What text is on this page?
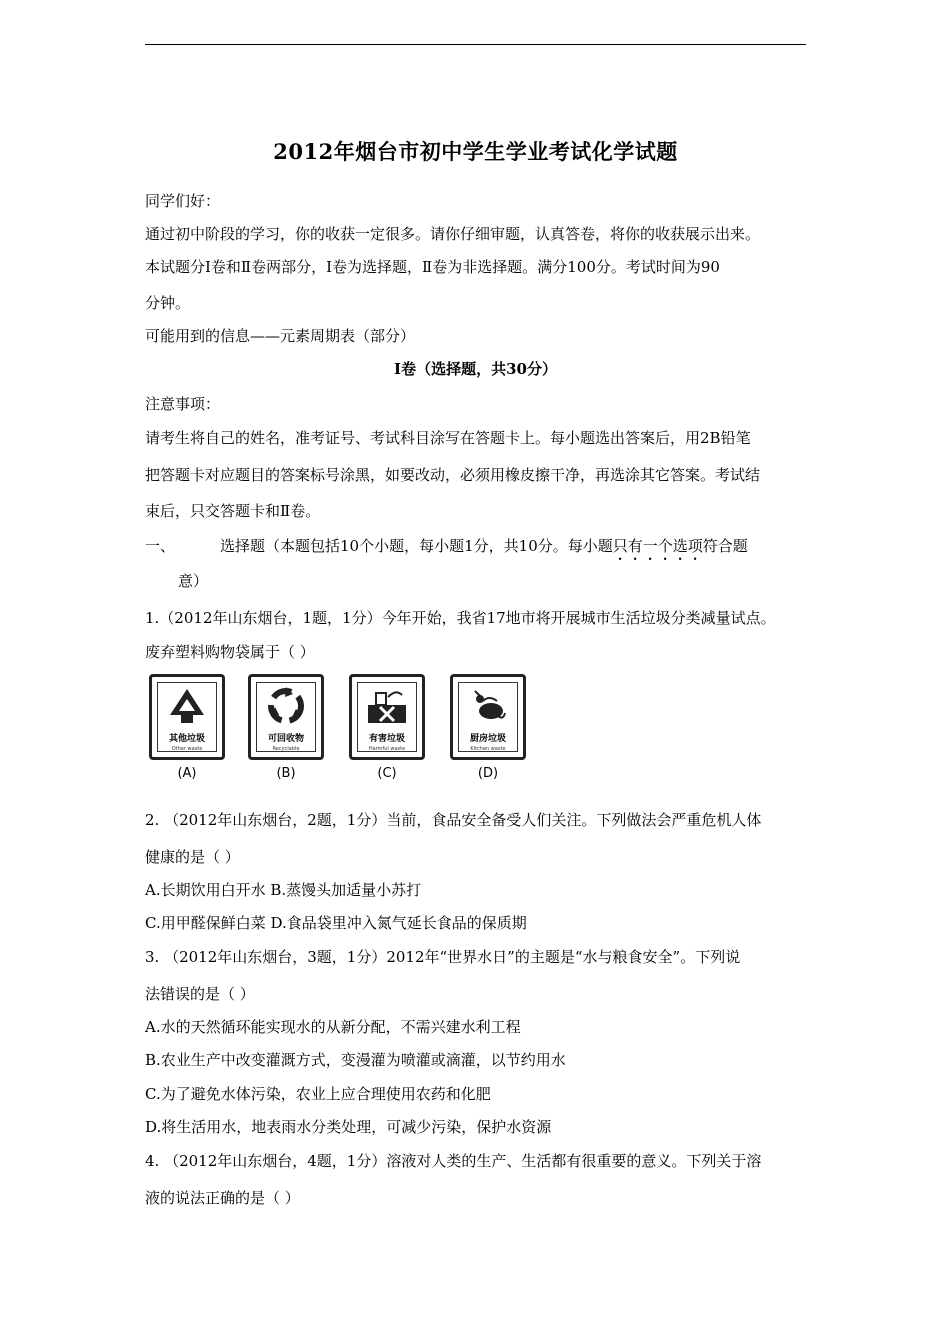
2012年烟台市初中学生学业考试化学试题
同学们好：
通过初中阶段的学习，你的收获一定很多。请你仔细审题，认真答卷，将你的收获展示出来。
本试题分Ⅰ卷和Ⅱ卷两部分，Ⅰ卷为选择题，Ⅱ卷为非选择题。满分100分。考试时间为90
分钟。
可能用到的信息——元素周期表（部分）
Ⅰ卷（选择题，共30分）
注意事项：
请考生将自己的姓名，准考证号、考试科目涂写在答题卡上。每小题选出答案后，用2B铅笔
把答题卡对应题目的答案标号涂黑，如要改动，必须用橡皮擦干净，再选涂其它答案。考试结
束后，只交答题卡和Ⅱ卷。
一、	选择题（本题包括10个小题，每小题1分，共10分。每小题只有一个选项符合题
意）
1.（2012年山东烟台，1题，1分）今年开始，我省17地市将开展城市生活垃圾分类减量试点。
废弃塑料购物袋属于（ ）
其他垃圾
Other waste
(A)
可回收物
Recyclable
(B)
有害垃圾
Harmful waste
(C)
厨房垃圾
Kitchen waste
(D)
2. （2012年山东烟台，2题，1分）当前，食品安全备受人们关注。下列做法会严重危机人体
健康的是（ ）
A.长期饮用白开水 B.蒸馒头加适量小苏打
C.用甲醛保鲜白菜 D.食品袋里冲入氮气延长食品的保质期
3. （2012年山东烟台，3题，1分）2012年“世界水日”的主题是“水与粮食安全”。下列说
法错误的是（ ）
A.水的天然循环能实现水的从新分配，不需兴建水利工程
B.农业生产中改变灌溉方式，变漫灌为喷灌或滴灌，以节约用水
C.为了避免水体污染，农业上应合理使用农药和化肥
D.将生活用水，地表雨水分类处理，可减少污染，保护水资源
4. （2012年山东烟台，4题，1分）溶液对人类的生产、生活都有很重要的意义。下列关于溶
液的说法正确的是（ ）
